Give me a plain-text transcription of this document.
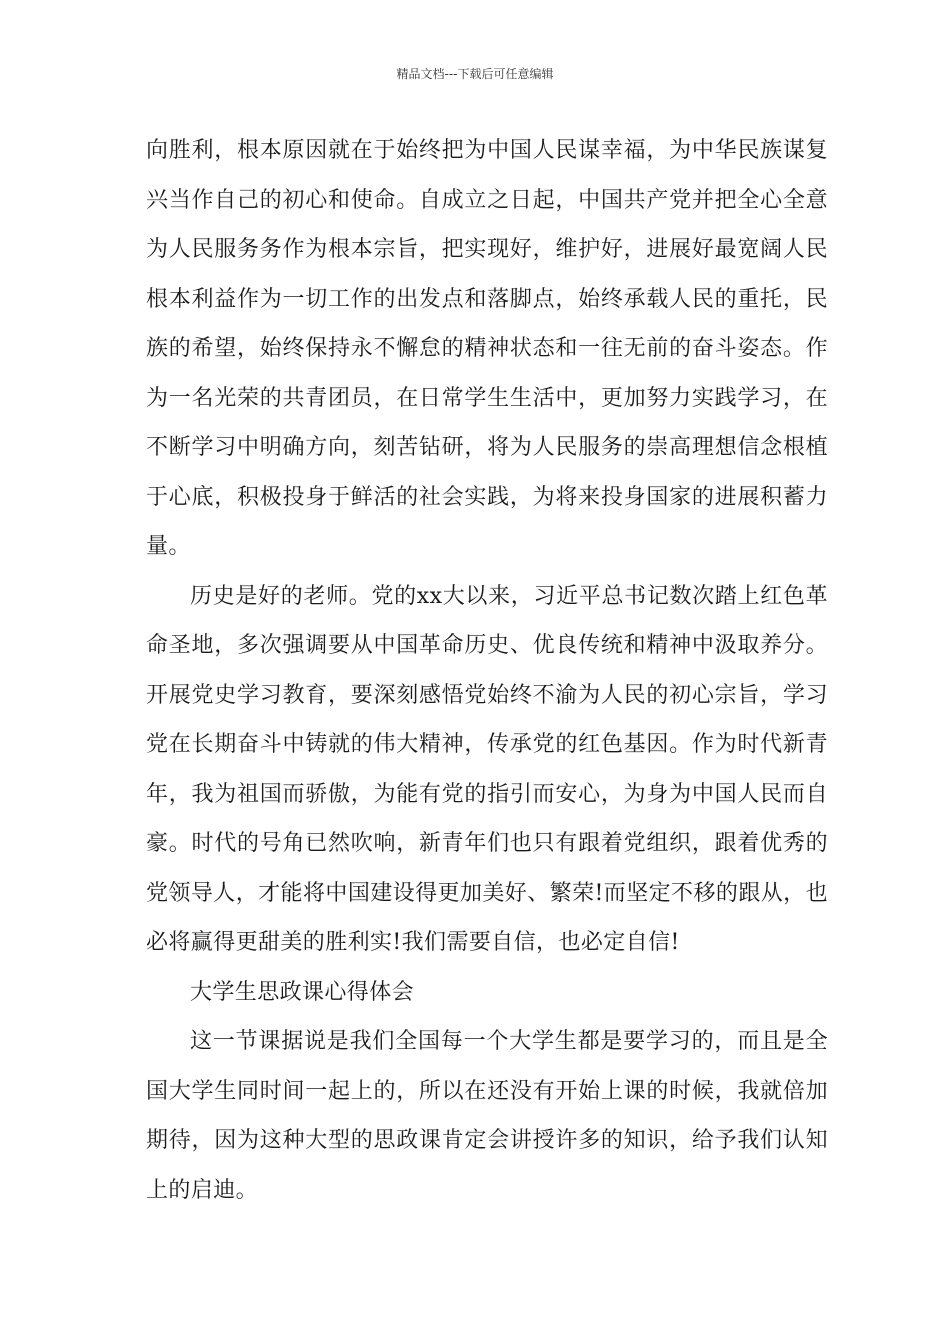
精品文档---下载后可任意编辑

向胜利，根本原因就在于始终把为中国人民谋幸福，为中华民族谋复兴当作自己的初心和使命。自成立之日起，中国共产党并把全心全意为人民服务务作为根本宗旨，把实现好，维护好，进展好最宽阔人民根本利益作为一切工作的出发点和落脚点，始终承载人民的重托，民族的希望，始终保持永不懈怠的精神状态和一往无前的奋斗姿态。作为一名光荣的共青团员，在日常学生生活中，更加努力实践学习，在不断学习中明确方向，刻苦钻研，将为人民服务的崇高理想信念根植于心底，积极投身于鲜活的社会实践，为将来投身国家的进展积蓄力量。

历史是好的老师。党的xx大以来，习近平总书记数次踏上红色革命圣地，多次强调要从中国革命历史、优良传统和精神中汲取养分。开展党史学习教育，要深刻感悟党始终不渝为人民的初心宗旨，学习党在长期奋斗中铸就的伟大精神，传承党的红色基因。作为时代新青年，我为祖国而骄傲，为能有党的指引而安心，为身为中国人民而自豪。时代的号角已然吹响，新青年们也只有跟着党组织，跟着优秀的党领导人，才能将中国建设得更加美好、繁荣!而坚定不移的跟从，也必将赢得更甜美的胜利实!我们需要自信，也必定自信!

大学生思政课心得体会

这一节课据说是我们全国每一个大学生都是要学习的，而且是全国大学生同时间一起上的，所以在还没有开始上课的时候，我就倍加期待，因为这种大型的思政课肯定会讲授许多的知识，给予我们认知上的启迪。
